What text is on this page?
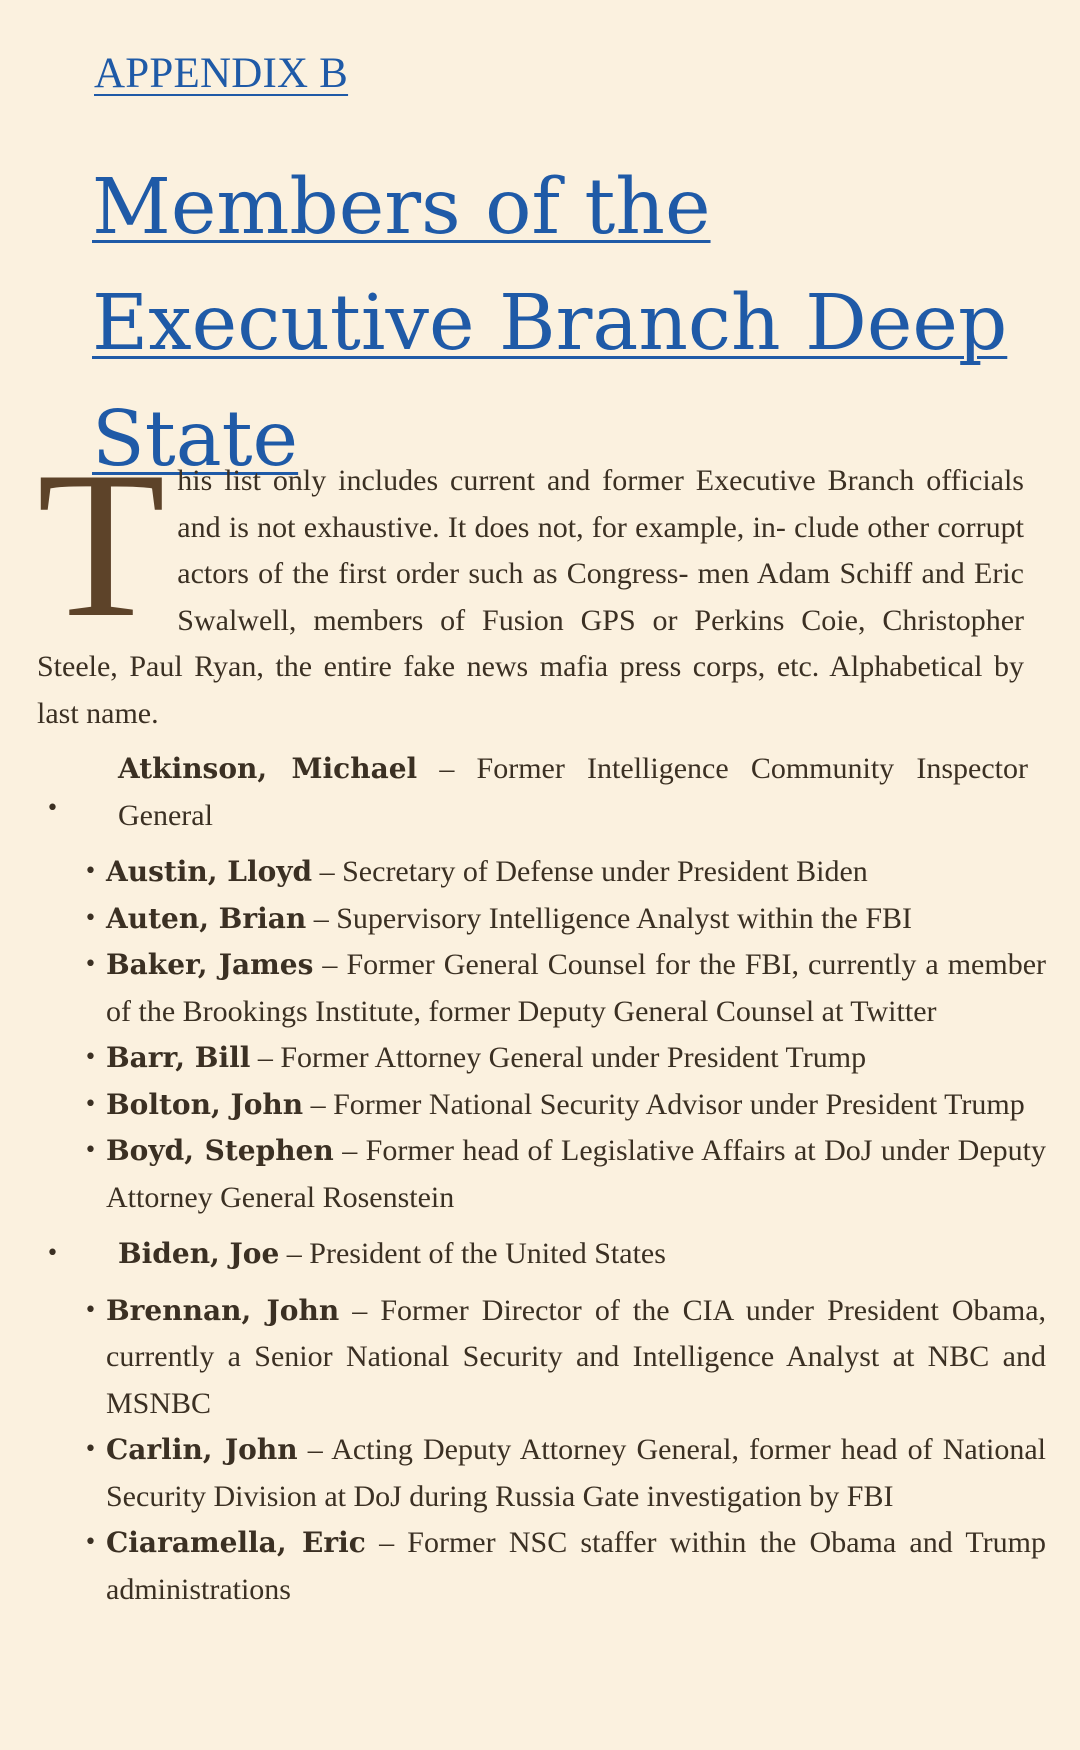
APPENDIX B
Members of the Executive Branch Deep State

This list only includes current and former Executive Branch officials and is not exhaustive. It does not, for example, in- clude other corrupt actors of the first order such as Congress- men Adam Schiff and Eric Swalwell, members of Fusion GPS or Perkins Coie, Christopher Steele, Paul Ryan, the entire fake news mafia press corps, etc. Alphabetical by last name.

•
Atkinson, Michael – Former Intelligence Community Inspector General
• Austin, Lloyd – Secretary of Defense under President Biden
• Auten, Brian – Supervisory Intelligence Analyst within the FBI
• Baker, James – Former General Counsel for the FBI, currently a member of the Brookings Institute, former Deputy General Counsel at Twitter
• Barr, Bill – Former Attorney General under President Trump
• Bolton, John – Former National Security Advisor under President Trump
• Boyd, Stephen – Former head of Legislative Affairs at DoJ under Deputy Attorney General Rosenstein
• Biden, Joe – President of the United States
• Brennan, John – Former Director of the CIA under President Obama, currently a Senior National Security and Intelligence Analyst at NBC and MSNBC
• Carlin, John – Acting Deputy Attorney General, former head of National Security Division at DoJ during Russia Gate investigation by FBI
• Ciaramella, Eric – Former NSC staffer within the Obama and Trump administrations
